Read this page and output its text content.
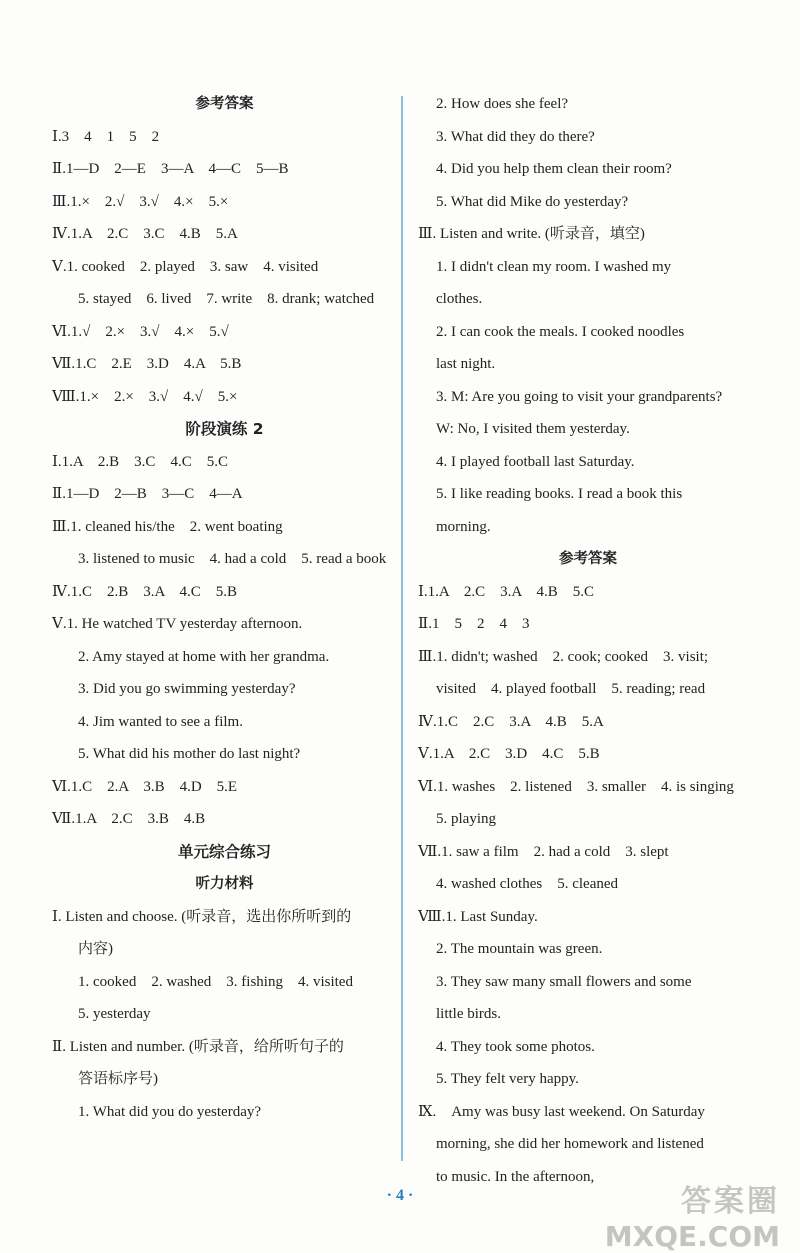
参考答案
Ⅰ.3　4　1　5　2
Ⅱ.1—D　2—E　3—A　4—C　5—B
Ⅲ.1.×　2.√　3.√　4.×　5.×
Ⅳ.1.A　2.C　3.C　4.B　5.A
Ⅴ.1. cooked　2. played　3. saw　4. visited
5. stayed　6. lived　7. write　8. drank; watched
Ⅵ.1.√　2.×　3.√　4.×　5.√
Ⅶ.1.C　2.E　3.D　4.A　5.B
Ⅷ.1.×　2.×　3.√　4.√　5.×
阶段演练 2
Ⅰ.1.A　2.B　3.C　4.C　5.C
Ⅱ.1—D　2—B　3—C　4—A
Ⅲ.1. cleaned his/the　2. went boating
3. listened to music　4. had a cold　5. read a book
Ⅳ.1.C　2.B　3.A　4.C　5.B
Ⅴ.1. He watched TV yesterday afternoon.
2. Amy stayed at home with her grandma.
3. Did you go swimming yesterday?
4. Jim wanted to see a film.
5. What did his mother do last night?
Ⅵ.1.C　2.A　3.B　4.D　5.E
Ⅶ.1.A　2.C　3.B　4.B
单元综合练习
听力材料
Ⅰ. Listen and choose. (听录音，选出你所听到的
内容)
1. cooked　2. washed　3. fishing　4. visited
5. yesterday
Ⅱ. Listen and number. (听录音，给所听句子的
答语标序号)
1. What did you do yesterday?
2. How does she feel?
3. What did they do there?
4. Did you help them clean their room?
5. What did Mike do yesterday?
Ⅲ. Listen and write. (听录音，填空)
1. I didn't clean my room. I washed my
clothes.
2. I can cook the meals. I cooked noodles
last night.
3. M: Are you going to visit your grandparents?
W: No, I visited them yesterday.
4. I played football last Saturday.
5. I like reading books. I read a book this
morning.
参考答案
Ⅰ.1.A　2.C　3.A　4.B　5.C
Ⅱ.1　5　2　4　3
Ⅲ.1. didn't; washed　2. cook; cooked　3. visit;
visited　4. played football　5. reading; read
Ⅳ.1.C　2.C　3.A　4.B　5.A
Ⅴ.1.A　2.C　3.D　4.C　5.B
Ⅵ.1. washes　2. listened　3. smaller　4. is singing
5. playing
Ⅶ.1. saw a film　2. had a cold　3. slept
4. washed clothes　5. cleaned
Ⅷ.1. Last Sunday.
2. The mountain was green.
3. They saw many small flowers and some
little birds.
4. They took some photos.
5. They felt very happy.
Ⅸ.　Amy was busy last weekend. On Saturday
morning, she did her homework and listened
to music. In the afternoon,
· 4 ·	答案圈
MXQE.COM
